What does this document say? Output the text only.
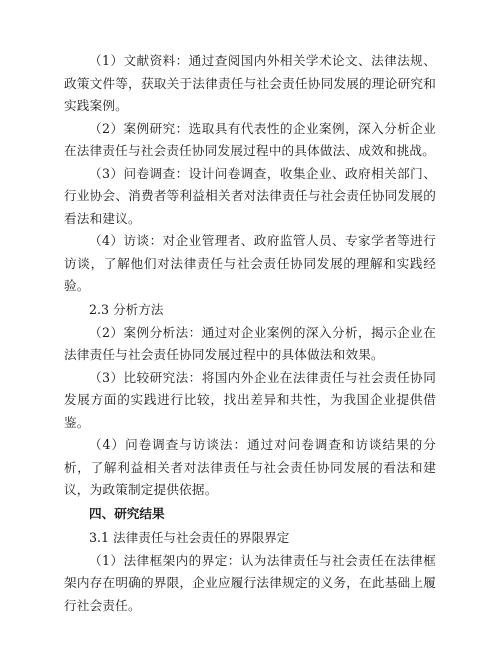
（1）文献资料：通过查阅国内外相关学术论文、法律法规、政策文件等，获取关于法律责任与社会责任协同发展的理论研究和实践案例。

（2）案例研究：选取具有代表性的企业案例，深入分析企业在法律责任与社会责任协同发展过程中的具体做法、成效和挑战。

（3）问卷调查：设计问卷调查，收集企业、政府相关部门、行业协会、消费者等利益相关者对法律责任与社会责任协同发展的看法和建议。

（4）访谈：对企业管理者、政府监管人员、专家学者等进行访谈，了解他们对法律责任与社会责任协同发展的理解和实践经验。

2.3 分析方法

（2）案例分析法：通过对企业案例的深入分析，揭示企业在法律责任与社会责任协同发展过程中的具体做法和效果。

（3）比较研究法：将国内外企业在法律责任与社会责任协同发展方面的实践进行比较，找出差异和共性，为我国企业提供借鉴。

（4）问卷调查与访谈法：通过对问卷调查和访谈结果的分析，了解利益相关者对法律责任与社会责任协同发展的看法和建议，为政策制定提供依据。

四、研究结果

3.1 法律责任与社会责任的界限界定

（1）法律框架内的界定：认为法律责任与社会责任在法律框架内存在明确的界限，企业应履行法律规定的义务，在此基础上履行社会责任。
